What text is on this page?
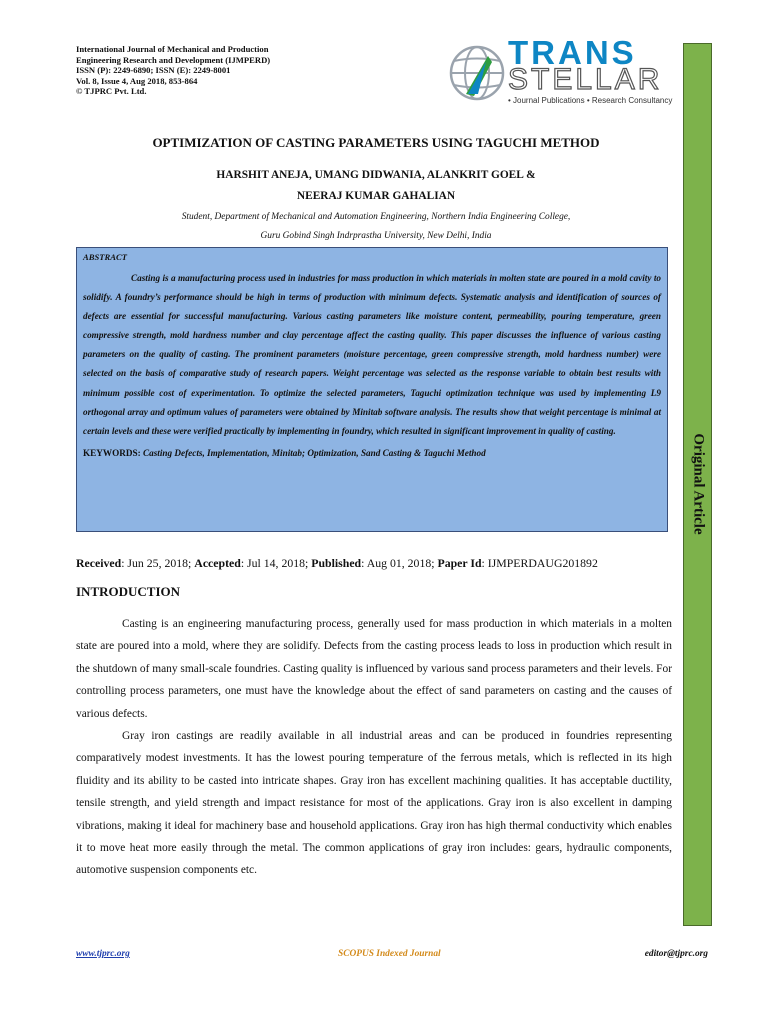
International Journal of Mechanical and Production
Engineering Research and Development (IJMPERD)
ISSN (P): 2249-6890; ISSN (E): 2249-8001
Vol. 8, Issue 4, Aug 2018, 853-864
© TJPRC Pvt. Ltd.
TRANS
STELLAR
• Journal Publications • Research Consultancy
Original Article
OPTIMIZATION OF CASTING PARAMETERS USING TAGUCHI METHOD
HARSHIT ANEJA, UMANG DIDWANIA, ALANKRIT GOEL &
NEERAJ KUMAR GAHALIAN
Student, Department of Mechanical and Automation Engineering, Northern India Engineering College,
Guru Gobind Singh Indrprastha University, New Delhi, India
ABSTRACT
Casting is a manufacturing process used in industries for mass production in which materials in molten state are poured in a mold cavity to solidify. A foundry’s performance should be high in terms of production with minimum defects. Systematic analysis and identification of sources of defects are essential for successful manufacturing. Various casting parameters like moisture content, permeability, pouring temperature, green compressive strength, mold hardness number and clay percentage affect the casting quality. This paper discusses the influence of various casting parameters on the quality of casting. The prominent parameters (moisture percentage, green compressive strength, mold hardness number) were selected on the basis of comparative study of research papers. Weight percentage was selected as the response variable to obtain best results with minimum possible cost of experimentation. To optimize the selected parameters, Taguchi optimization technique was used by implementing L9 orthogonal array and optimum values of parameters were obtained by Minitab software analysis. The results show that weight percentage is minimal at certain levels and these were verified practically by implementing in foundry, which resulted in significant improvement in quality of casting.
KEYWORDS: Casting Defects, Implementation, Minitab; Optimization, Sand Casting & Taguchi Method
Received: Jun 25, 2018; Accepted: Jul 14, 2018; Published: Aug 01, 2018; Paper Id: IJMPERDAUG201892
INTRODUCTION
Casting is an engineering manufacturing process, generally used for mass production in which materials in a molten state are poured into a mold, where they are solidify. Defects from the casting process leads to loss in production which result in the shutdown of many small-scale foundries. Casting quality is influenced by various sand process parameters and their levels. For controlling process parameters, one must have the knowledge about the effect of sand parameters on casting and the causes of various defects.
Gray iron castings are readily available in all industrial areas and can be produced in foundries representing comparatively modest investments. It has the lowest pouring temperature of the ferrous metals, which is reflected in its high fluidity and its ability to be casted into intricate shapes. Gray iron has excellent machining qualities. It has acceptable ductility, tensile strength, and yield strength and impact resistance for most of the applications. Gray iron is also excellent in damping vibrations, making it ideal for machinery base and household applications. Gray iron has high thermal conductivity which enables it to move heat more easily through the metal. The common applications of gray iron includes: gears, hydraulic components, automotive suspension components etc.
www.tjprc.org	SCOPUS Indexed Journal	editor@tjprc.org
